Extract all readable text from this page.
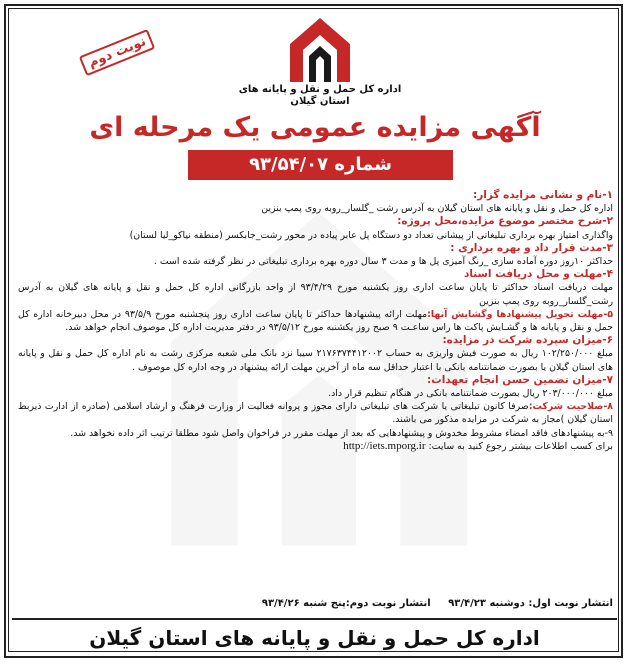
اداره کل حمل و نقل و پایانه های
استان گیلان
نوبت دوم
آگهی مزایده عمومی یک مرحله ای
شماره ۹۳/۵۴/۰۷
۱-نام و نشانی مزایده گزار:
اداره کل حمل و نقل و پایانه های استان گیلان به آدرس رشت _گلسار_روبه روی پمپ بنزین
۲-شرح مختصر موضوع مزایده،محل پروژه:
واگذاری امتیاز بهره برداری تبلیغاتی از پیشانی تعداد دو دستگاه پل عابر پیاده در محور رشت_جابکسر (منطقه نیاکو_لیا لستان)
۳-مدت قرار داد و بهره برداری :
حداکثر ۱۰روز دوره آماده سازی _رنگ آمیزی پل ها و مدت ۳ سال دوره بهره برداری تبلیغاتی در نظر گرفته شده است .
۴-مهلت و محل دریافت اسناد
مهلت دریافت اسناد حداکثر تا پایان ساعت اداری روز یکشنبه مورخ ۹۳/۴/۲۹ از واحد بازرگانی اداره کل حمل و نقل و پایانه های گیلان به آدرس رشت_گلسار_روبه روی پمپ بنزین
۵-مهلت تحویل پیشنهادها وگشایش آنها:مهلت ارائه پیشنهادها حداکثر تا پایان ساعت اداری روز پنجشنبه مورخ ۹۳/۵/۹ در محل دبیرخانه اداره کل حمل و نقل و پایانه ها و گشـایش پاکت ها راس ساعـت ۹ صبح روز یکشنبه مورخ ۹۳/۵/۱۲ در دفتر مدیریت اداره کل موصوف انجام خواهد شد.
۶-میزان سپرده شرکت در مزایده:
مبلغ ۱۰۲/۲۵۰/۰۰۰ ریال به صورت فیش واریزی به حساب ۲۱۷۶۳۷۴۴۱۲۰۰۲ سیبا نزد بانک ملی شعبه مرکزی رشت به نام اداره کل حمل و نقل و پایانه های استان گیلان یا بصورت ضمانتنامه بانکی با اعتبار حداقل سه ماه از آخرین مهلت ارائه پیشنهاد در وجه اداره کل موصوف .
۷-میزان تضمین حسن انجام تعهدات:
مبلغ ۲۰۳/۰۰۰/۰۰۰ ریال بصورت ضمانتنامه بانکی در هنگام تنظیم قرار داد.
۸-صلاحیت شرکت:صرفا کانون تبلیغاتی یا شرکت های تبلیغاتی دارای مجوز و پروانه فعالیت از وزارت فرهنگ و ارشاد اسلامی (صادره از ادارت ذیربط استان گیلان )مجاز به شرکت در مزایده مذکور می باشند.
۹-به پیشنهادهای فاقد امضاء مشروط مخدوش و پیشنهادهایی که بعد از مهلت مقرر در فراخوان واصل شود مطلقا ترتیب اثر داده نخواهد شد.
برای کسب اطلاعات بیشتر رجوع کنید به سایت: http://iets.mporg.ir
انتشار نوبت اول: دوشنبه ۹۳/۴/۲۳ انتشار نوبت دوم:پنج شنبه ۹۳/۴/۲۶
اداره کل حمل و نقل و پایانه های استان گیلان
